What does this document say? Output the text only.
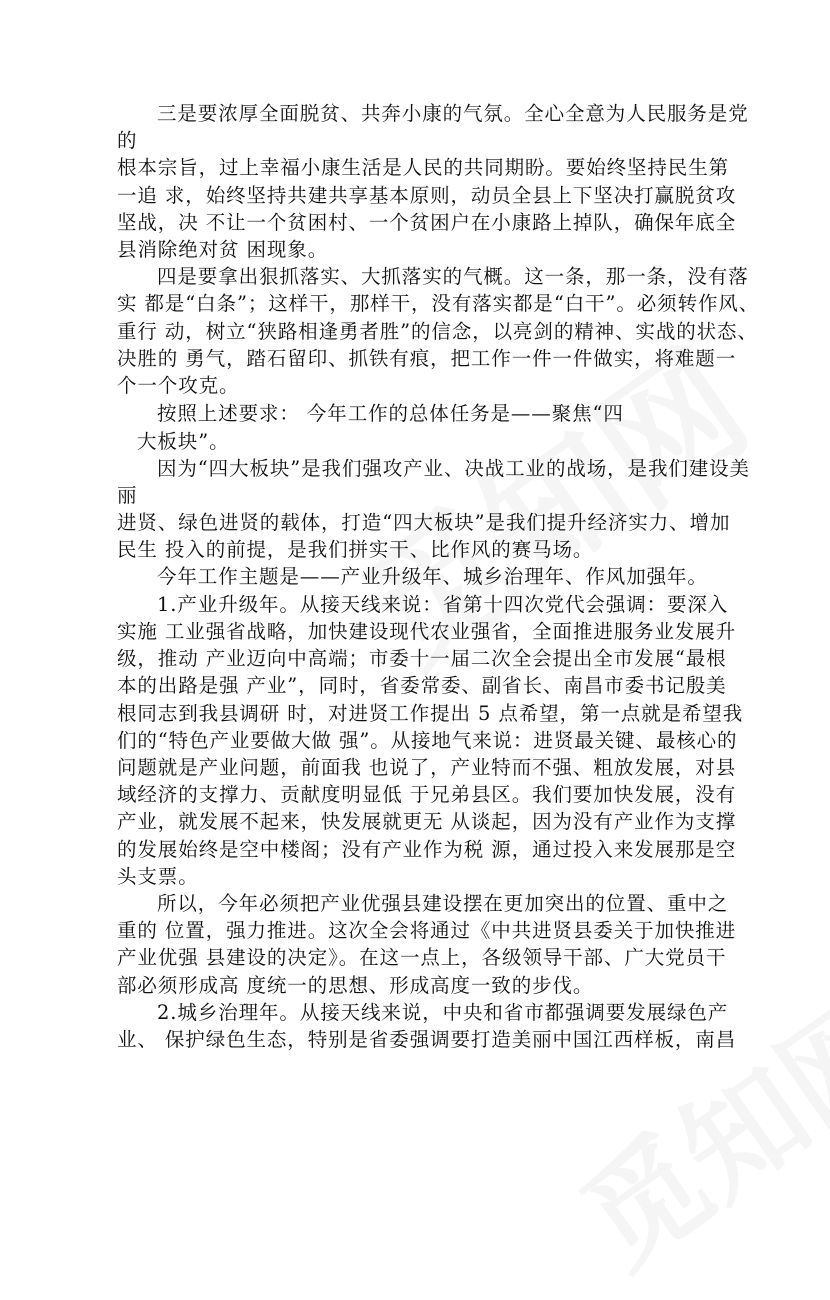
三是要浓厚全面脱贫、共奔小康的气氛。全心全意为人民服务是党
的
根本宗旨，过上幸福小康生活是人民的共同期盼。要始终坚持民生第
一追 求，始终坚持共建共享基本原则，动员全县上下坚决打赢脱贫攻
坚战，决 不让一个贫困村、一个贫困户在小康路上掉队，确保年底全
县消除绝对贫 困现象。
四是要拿出狠抓落实、大抓落实的气概。这一条，那一条，没有落
实 都是“白条”；这样干，那样干，没有落实都是“白干”。必须转作风、
重行 动，树立“狭路相逢勇者胜”的信念，以亮剑的精神、实战的状态、
决胜的 勇气，踏石留印、抓铁有痕，把工作一件一件做实，将难题一
个一个攻克。
按照上述要求： 今年工作的总体任务是——聚焦“四
大板块”。
因为“四大板块”是我们强攻产业、决战工业的战场，是我们建设美
丽
进贤、绿色进贤的载体，打造“四大板块”是我们提升经济实力、增加
民生 投入的前提，是我们拼实干、比作风的赛马场。
今年工作主题是——产业升级年、城乡治理年、作风加强年。
1.产业升级年。从接天线来说：省第十四次党代会强调：要深入
实施 工业强省战略，加快建设现代农业强省，全面推进服务业发展升
级，推动 产业迈向中高端；市委十一届二次全会提出全市发展“最根
本的出路是强 产业”，同时，省委常委、副省长、南昌市委书记殷美
根同志到我县调研 时，对进贤工作提出 5 点希望，第一点就是希望我
们的“特色产业要做大做 强”。从接地气来说：进贤最关键、最核心的
问题就是产业问题，前面我 也说了，产业特而不强、粗放发展，对县
域经济的支撑力、贡献度明显低 于兄弟县区。我们要加快发展，没有
产业，就发展不起来，快发展就更无 从谈起，因为没有产业作为支撑
的发展始终是空中楼阁；没有产业作为税 源，通过投入来发展那是空
头支票。
所以，今年必须把产业优强县建设摆在更加突出的位置、重中之
重的 位置，强力推进。这次全会将通过《中共进贤县委关于加快推进
产业优强 县建设的决定》。在这一点上，各级领导干部、广大党员干
部必须形成高 度统一的思想、形成高度一致的步伐。
2.城乡治理年。从接天线来说，中央和省市都强调要发展绿色产
业、 保护绿色生态，特别是省委强调要打造美丽中国江西样板，南昌
